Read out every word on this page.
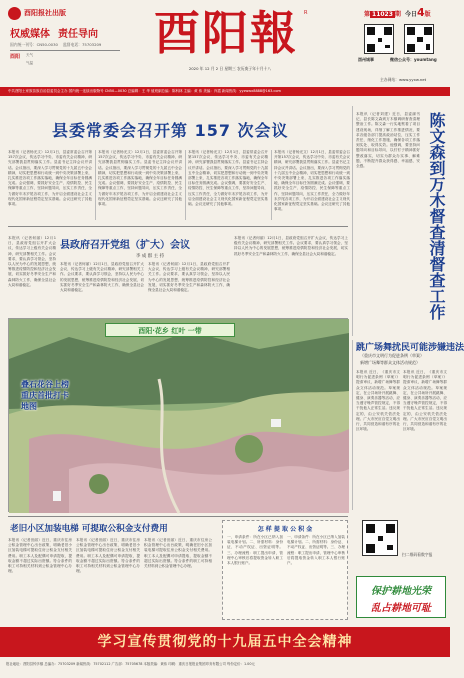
酉阳报社出版
权威媒体 责任导向
国内统一刊号：CN50-0030 监督电话：75703209
酉阳 天气
气温
酉阳報	R
2020 年 12 月 2 日 星期三 农历庚子年十月十八
第 11023 期 今日4版
酉州城事	微信公众号：youmtang
主办网站：www.yyxw.net
中共酉阳土家族苗族自治县委员会主办 国内统一连续出版物号 CN50—0030 总编辑：王 华 值班副总编：陈科林 主编：黄 伟 美编：肖霞 新闻热线：yyzwwx8888@163.com
县委常委会召开第 157 次会议
本报讯（记者杨光文）12月1日，县委常委会召开第157次会议，传达学习中央、市委有关会议精神，研究部署我县贯彻落实工作。县委书记主持会议并讲话。会议指出，要深入学习贯彻党的十九届五中全会精神，切实把思想和行动统一到中央决策部署上来，扎实推进各项工作落实落地，确保全年目标任务圆满完成。会议强调，要抓好安全生产、疫情防控、民生保障等重点工作，坚持问题导向，压实工作责任，全力做好年末岁尾各项工作，为开启全面建设社会主义现代化国家新征程奠定坚实基础。会议还研究了其他事项。
本报讯（记者杨光文）12月1日，县委常委会召开第157次会议，传达学习中央、市委有关会议精神，研究部署我县贯彻落实工作。县委书记主持会议并讲话。会议指出，要深入学习贯彻党的十九届五中全会精神，切实把思想和行动统一到中央决策部署上来，扎实推进各项工作落实落地，确保全年目标任务圆满完成。会议强调，要抓好安全生产、疫情防控、民生保障等重点工作，坚持问题导向，压实工作责任，全力做好年末岁尾各项工作，为开启全面建设社会主义现代化国家新征程奠定坚实基础。会议还研究了其他事项。
本报讯（记者杨光文）12月1日，县委常委会召开第157次会议，传达学习中央、市委有关会议精神，研究部署我县贯彻落实工作。县委书记主持会议并讲话。会议指出，要深入学习贯彻党的十九届五中全会精神，切实把思想和行动统一到中央决策部署上来，扎实推进各项工作落实落地，确保全年目标任务圆满完成。会议强调，要抓好安全生产、疫情防控、民生保障等重点工作，坚持问题导向，压实工作责任，全力做好年末岁尾各项工作，为开启全面建设社会主义现代化国家新征程奠定坚实基础。会议还研究了其他事项。
本报讯（记者杨光文）12月1日，县委常委会召开第157次会议，传达学习中央、市委有关会议精神，研究部署我县贯彻落实工作。县委书记主持会议并讲话。会议指出，要深入学习贯彻党的十九届五中全会精神，切实把思想和行动统一到中央决策部署上来，扎实推进各项工作落实落地，确保全年目标任务圆满完成。会议强调，要抓好安全生产、疫情防控、民生保障等重点工作，坚持问题导向，压实工作责任，全力做好年末岁尾各项工作，为开启全面建设社会主义现代化国家新征程奠定坚实基础。会议还研究了其他事项。	陈文森到万木督查清督查工作
本报讯（记者刘建）近日，县委副书记、县长陈文森到万木镇调研督查清理整治工作。陈文森一行实地察看了项目建设现场，详细了解工作推进情况，要求各级各部门提高政治站位，压实工作责任，细化工作措施，确保各项工作落到实处、取得实效。他强调，要坚持问题导向和目标导向，以钉钉子精神抓好整改落实，切实为群众办实事、解难题，不断提升群众获得感、幸福感、安全感。
县政府召开党组（扩大）会议
李 成 群 主 持
本报讯（记者何丽）12月1日，县政府党组召开扩大会议，传达学习上级有关会议精神，研究部署相关工作。会议要求，要认真学习领会，坚持以人民为中心的发展思想，统筹推进疫情防控和经济社会发展，切实抓好冬季安全生产和森林防火工作，确保全县社会大局和谐稳定。
本报讯（记者何丽）12月1日，县政府党组召开扩大会议，传达学习上级有关会议精神，研究部署相关工作。会议要求，要认真学习领会，坚持以人民为中心的发展思想，统筹推进疫情防控和经济社会发展，切实抓好冬季安全生产和森林防火工作，确保全县社会大局和谐稳定。
本报讯（记者何丽）12月1日，县政府党组召开扩大会议，传达学习上级有关会议精神，研究部署相关工作。会议要求，要认真学习领会，坚持以人民为中心的发展思想，统筹推进疫情防控和经济社会发展，切实抓好冬季安全生产和森林防火工作，确保全县社会大局和谐稳定。
本报讯（记者何丽）12月1日，县政府党组召开扩大会议，传达学习上级有关会议精神，研究部署相关工作。会议要求，要认真学习领会，坚持以人民为中心的发展思想，统筹推进疫情防控和经济社会发展，切实抓好冬季安全生产和森林防火工作，确保全县社会大局和谐稳定。
酉阳·花乡 红叶 一带
叠石花谷上榜重庆首批打卡地图
跳广场舞扰民可能涉嫌违法
（重庆市文明行为促进条例（草案）
新增广场舞等群众文体活动规范）
本报讯 近日，《重庆市文明行为促进条例（草案）》提请审议，新增广场舞等群众文体活动规范。草案规定，在公共场所开展跳舞、健身、演奏乐器等活动，应当遵守噪声管控规定，不得干扰他人正常生活。违反规定的，由公安机关依法处理。广大市民应自觉文明出行，共同营造和谐有序的社区环境。
本报讯 近日，《重庆市文明行为促进条例（草案）》提请审议，新增广场舞等群众文体活动规范。草案规定，在公共场所开展跳舞、健身、演奏乐器等活动，应当遵守噪声管控规定，不得干扰他人正常生活。违反规定的，由公安机关依法处理。广大市民应自觉文明出行，共同营造和谐有序的社区环境。
老旧小区加装电梯 可提取公积金支付费用
本报讯（记者田丽）近日，重庆市住房公积金管理中心出台政策，明确老旧小区加装电梯可提取住房公积金支付相关费用。职工本人及配偶可申请提取，提取金额不超过实际出资额。符合条件的职工可持相关材料到公积金管理中心办理。
本报讯（记者田丽）近日，重庆市住房公积金管理中心出台政策，明确老旧小区加装电梯可提取住房公积金支付相关费用。职工本人及配偶可申请提取，提取金额不超过实际出资额。符合条件的职工可持相关材料到公积金管理中心办理。
本报讯（记者田丽）近日，重庆市住房公积金管理中心出台政策，明确老旧小区加装电梯可提取住房公积金支付相关费用。职工本人及配偶可申请提取，提取金额不超过实际出资额。符合条件的职工可持相关材料到公积金管理中心办理。
怎 样 提 取 公 积 金
一、申请条件：所在小区已纳入加装电梯计划。二、所需材料：身份证、不动产权证、出资证明等。三、办理流程：职工提出申请，管理中心审核后将提取资金转入职工本人银行账户。
一、申请条件：所在小区已纳入加装电梯计划。二、所需材料：身份证、不动产权证、出资证明等。三、办理流程：职工提出申请，管理中心审核后将提取资金转入职工本人银行账户。
扫二维码看数字报
保护耕地光荣
乱占耕地可耻
学习宣传贯彻党的十九届五中全会精神
报社地址：酉阳县钟多镇 总编办：75703209 新闻热线：75702112 广告部：75705678 本版责编：黄伟 印刷：重庆日报报业集团印务有限公司 每份定价：1.00元
